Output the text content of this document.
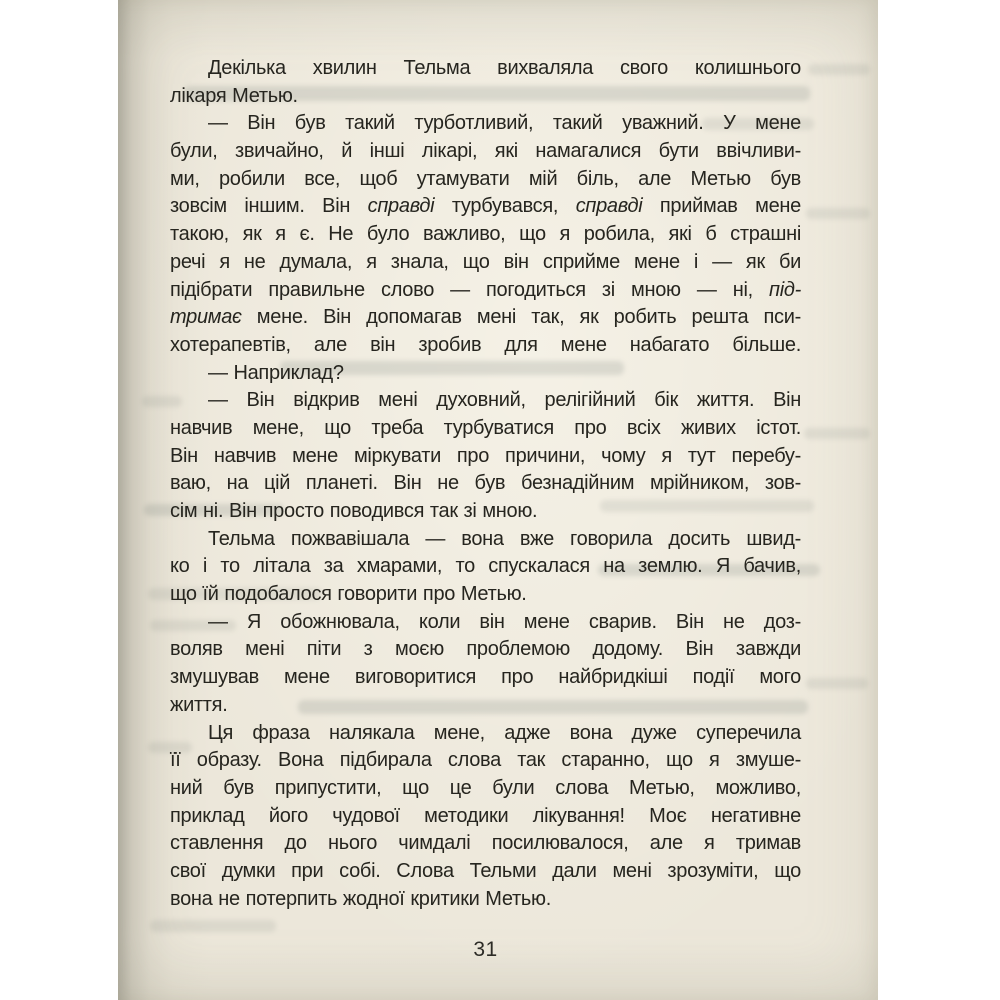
Декілька хвилин Тельма вихваляла свого колишнього
лікаря Метью.
— Він був такий турботливий, такий уважний. У мене
були, звичайно, й інші лікарі, які намагалися бути ввічливи-
ми, робили все, щоб утамувати мій біль, але Метью був
зовсім іншим. Він справді турбувався, справді приймав мене
такою, як я є. Не було важливо, що я робила, які б страшні
речі я не думала, я знала, що він сприйме мене і — як би
підібрати правильне слово — погодиться зі мною — ні, під-
тримає мене. Він допомагав мені так, як робить решта пси-
хотерапевтів, але він зробив для мене набагато більше.
— Наприклад?
— Він відкрив мені духовний, релігійний бік життя. Він
навчив мене, що треба турбуватися про всіх живих істот.
Він навчив мене міркувати про причини, чому я тут перебу-
ваю, на цій планеті. Він не був безнадійним мрійником, зов-
сім ні. Він просто поводився так зі мною.
Тельма пожвавішала — вона вже говорила досить швид-
ко і то літала за хмарами, то спускалася на землю. Я бачив,
що їй подобалося говорити про Метью.
— Я обожнювала, коли він мене сварив. Він не доз-
воляв мені піти з моєю проблемою додому. Він завжди
змушував мене виговоритися про найбридкіші події мого
життя.
Ця фраза налякала мене, адже вона дуже суперечила
її образу. Вона підбирала слова так старанно, що я змуше-
ний був припустити, що це були слова Метью, можливо,
приклад його чудової методики лікування! Моє негативне
ставлення до нього чимдалі посилювалося, але я тримав
свої думки при собі. Слова Тельми дали мені зрозуміти, що
вона не потерпить жодної критики Метью.
31
